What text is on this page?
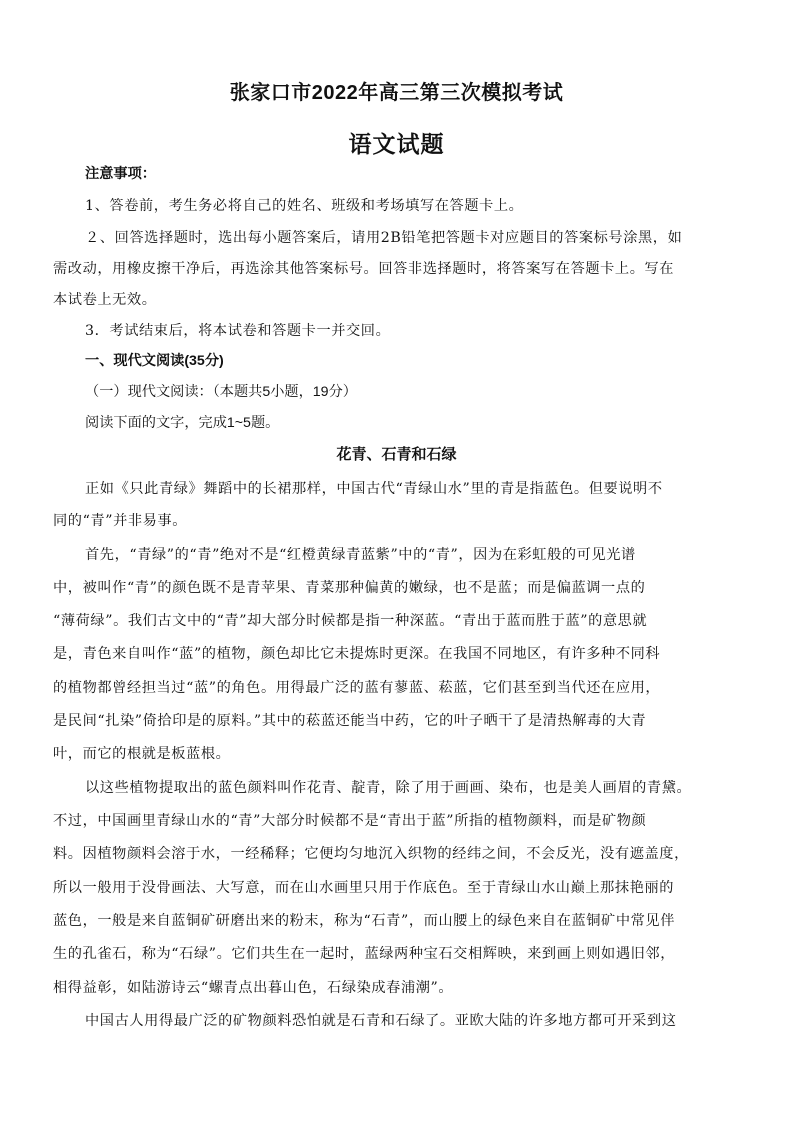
张家口市2022年高三第三次模拟考试
语文试题
注意事项：
1、答卷前，考生务必将自己的姓名、班级和考场填写在答题卡上。
２、回答选择题时，选出每小题答案后，请用2B铅笔把答题卡对应题目的答案标号涂黑，如
需改动，用橡皮擦干净后，再选涂其他答案标号。回答非选择题时，将答案写在答题卡上。写在
本试卷上无效。
3．考试结束后，将本试卷和答题卡一并交回。
一、现代文阅读(35分)
（一）现代文阅读：（本题共5小题，19分）
阅读下面的文字，完成1~5题。
花青、石青和石绿
正如《只此青绿》舞蹈中的长裙那样，中国古代“青绿山水”里的青是指蓝色。但要说明不
同的“青”并非易事。
首先，“青绿”的“青”绝对不是“红橙黄绿青蓝紫”中的“青”，因为在彩虹般的可见光谱
中，被叫作“青”的颜色既不是青苹果、青菜那种偏黄的嫩绿，也不是蓝；而是偏蓝调一点的
“薄荷绿”。我们古文中的“青”却大部分时候都是指一种深蓝。“青出于蓝而胜于蓝”的意思就
是，青色来自叫作“蓝”的植物，颜色却比它未提炼时更深。在我国不同地区，有许多种不同科
的植物都曾经担当过“蓝”的角色。用得最广泛的蓝有蓼蓝、菘蓝，它们甚至到当代还在应用，
是民间“扎染”倚拾印是的原料。”其中的菘蓝还能当中药，它的叶子晒干了是清热解毒的大青
叶，而它的根就是板蓝根。
以这些植物提取出的蓝色颜料叫作花青、靛青，除了用于画画、染布，也是美人画眉的青黛。
不过，中国画里青绿山水的“青”大部分时候都不是“青出于蓝”所指的植物颜料，而是矿物颜
料。因植物颜料会溶于水，一经稀释；它便均匀地沉入织物的经纬之间，不会反光，没有遮盖度，
所以一般用于没骨画法、大写意，而在山水画里只用于作底色。至于青绿山水山巅上那抹艳丽的
蓝色，一般是来自蓝铜矿研磨出来的粉末，称为“石青”，而山腰上的绿色来自在蓝铜矿中常见伴
生的孔雀石，称为“石绿”。它们共生在一起时，蓝绿两种宝石交相辉映，来到画上则如遇旧邻，
相得益彰，如陆游诗云“螺青点出暮山色，石绿染成春浦潮”。
中国古人用得最广泛的矿物颜料恐怕就是石青和石绿了。亚欧大陆的许多地方都可开采到这
